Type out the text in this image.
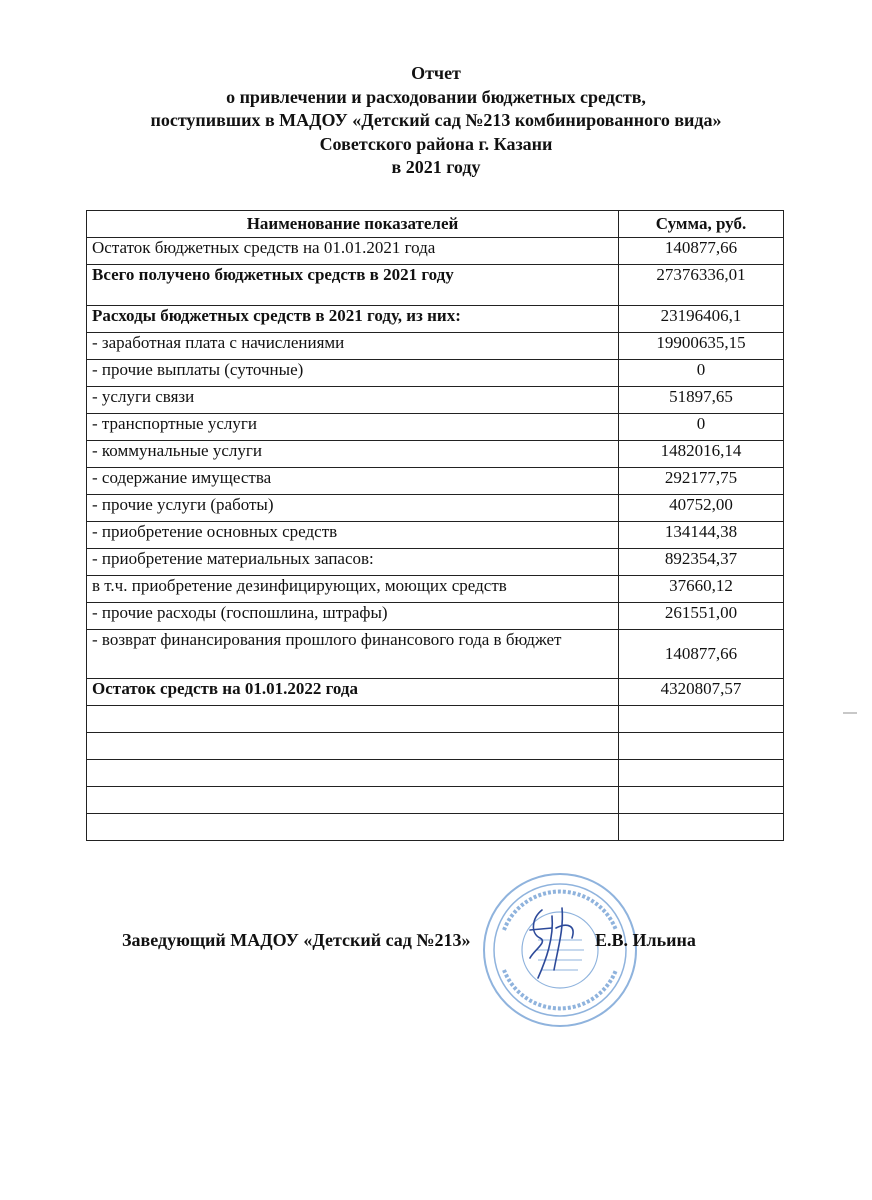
Отчет
о привлечении и расходовании бюджетных средств,
поступивших в МАДОУ «Детский сад №213 комбинированного вида»
Советского района г. Казани
в 2021 году
Наименование показателей	Сумма, руб.
Остаток бюджетных средств на 01.01.2021 года	140877,66
Всего получено бюджетных средств в 2021 году	27376336,01
Расходы бюджетных средств в 2021 году, из них:	23196406,1
- заработная плата с начислениями	19900635,15
- прочие выплаты (суточные)	0
- услуги связи	51897,65
- транспортные услуги	0
- коммунальные услуги	1482016,14
- содержание имущества	292177,75
- прочие услуги (работы)	40752,00
- приобретение основных средств	134144,38
- приобретение материальных запасов:	892354,37
в т.ч. приобретение дезинфицирующих, моющих средств	37660,12
- прочие расходы (госпошлина, штрафы)	261551,00
- возврат финансирования прошлого финансового года в бюджет	140877,66
Остаток средств на 01.01.2022 года	4320807,57

Заведующий МАДОУ «Детский сад №213»	Е.В. Ильина
